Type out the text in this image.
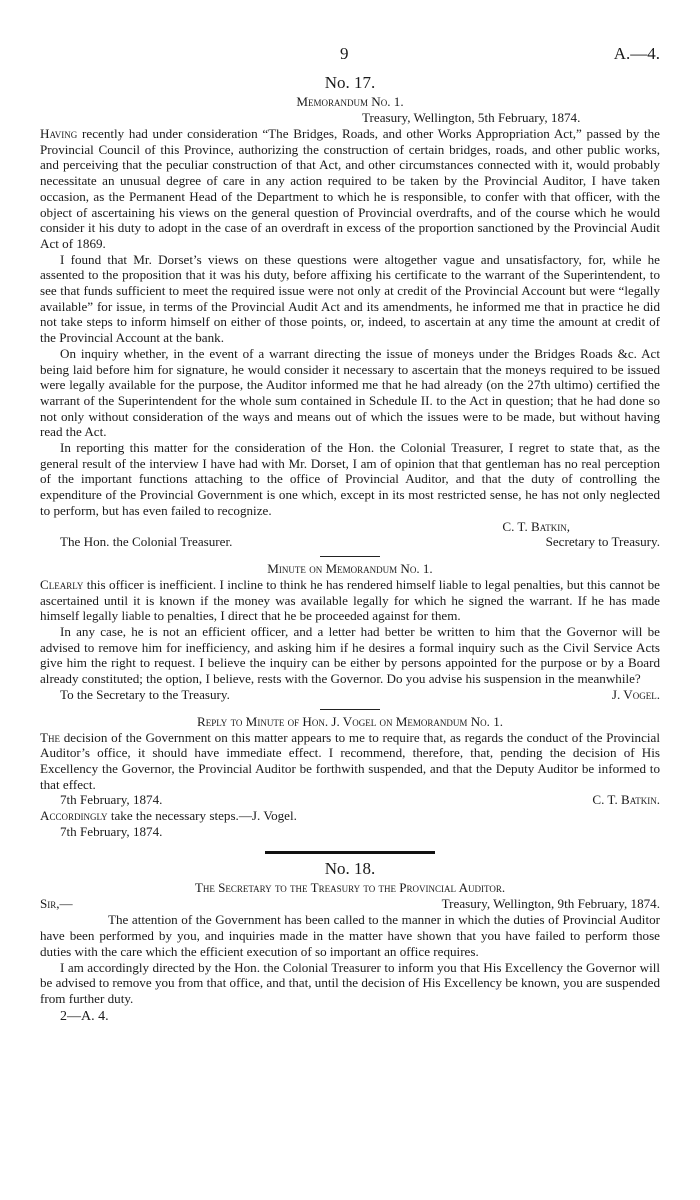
9	A.—4.
No. 17.
Memorandum No. 1.
Treasury, Wellington, 5th February, 1874.

Having recently had under consideration “The Bridges, Roads, and other Works Appropriation Act,” passed by the Provincial Council of this Province, authorizing the construction of certain bridges, roads, and other public works, and perceiving that the peculiar construction of that Act, and other circumstances connected with it, would probably necessitate an unusual degree of care in any action required to be taken by the Provincial Auditor, I have taken occasion, as the Permanent Head of the Department to which he is responsible, to confer with that officer, with the object of ascertaining his views on the general question of Provincial overdrafts, and of the course which he would consider it his duty to adopt in the case of an overdraft in excess of the proportion sanctioned by the Provincial Audit Act of 1869.

I found that Mr. Dorset’s views on these questions were altogether vague and unsatisfactory, for, while he assented to the proposition that it was his duty, before affixing his certificate to the warrant of the Superintendent, to see that funds sufficient to meet the required issue were not only at credit of the Provincial Account but were “legally available” for issue, in terms of the Provincial Audit Act and its amendments, he informed me that in practice he did not take steps to inform himself on either of those points, or, indeed, to ascertain at any time the amount at credit of the Provincial Account at the bank.

On inquiry whether, in the event of a warrant directing the issue of moneys under the Bridges Roads &c. Act being laid before him for signature, he would consider it necessary to ascertain that the moneys required to be issued were legally available for the purpose, the Auditor informed me that he had already (on the 27th ultimo) certified the warrant of the Superintendent for the whole sum contained in Schedule II. to the Act in question; that he had done so not only without consideration of the ways and means out of which the issues were to be made, but without having read the Act.

In reporting this matter for the consideration of the Hon. the Colonial Treasurer, I regret to state that, as the general result of the interview I have had with Mr. Dorset, I am of opinion that that gentleman has no real perception of the important functions attaching to the office of Provincial Auditor, and that the duty of controlling the expenditure of the Provincial Government is one which, except in its most restricted sense, he has not only neglected to perform, but has even failed to recognize.

C. T. Batkin,
The Hon. the Colonial Treasurer.	Secretary to Treasury.
Minute on Memorandum No. 1.

Clearly this officer is inefficient. I incline to think he has rendered himself liable to legal penalties, but this cannot be ascertained until it is known if the money was available legally for which he signed the warrant. If he has made himself legally liable to penalties, I direct that he be proceeded against for them.

In any case, he is not an efficient officer, and a letter had better be written to him that the Governor will be advised to remove him for inefficiency, and asking him if he desires a formal inquiry such as the Civil Service Acts give him the right to request. I believe the inquiry can be either by persons appointed for the purpose or by a Board already constituted; the option, I believe, rests with the Governor. Do you advise his suspension in the meanwhile?

To the Secretary to the Treasury.	J. Vogel.
Reply to Minute of Hon. J. Vogel on Memorandum No. 1.

The decision of the Government on this matter appears to me to require that, as regards the conduct of the Provincial Auditor’s office, it should have immediate effect. I recommend, therefore, that, pending the decision of His Excellency the Governor, the Provincial Auditor be forthwith suspended, and that the Deputy Auditor be informed to that effect.

7th February, 1874.	C. T. Batkin.

Accordingly take the necessary steps.—J. Vogel.

7th February, 1874.
No. 18.
The Secretary to the Treasury to the Provincial Auditor.
Sir,—	Treasury, Wellington, 9th February, 1874.

The attention of the Government has been called to the manner in which the duties of Provincial Auditor have been performed by you, and inquiries made in the matter have shown that you have failed to perform those duties with the care which the efficient execution of so important an office requires.

I am accordingly directed by the Hon. the Colonial Treasurer to inform you that His Excellency the Governor will be advised to remove you from that office, and that, until the decision of His Excellency be known, you are suspended from further duty.

2—A. 4.
